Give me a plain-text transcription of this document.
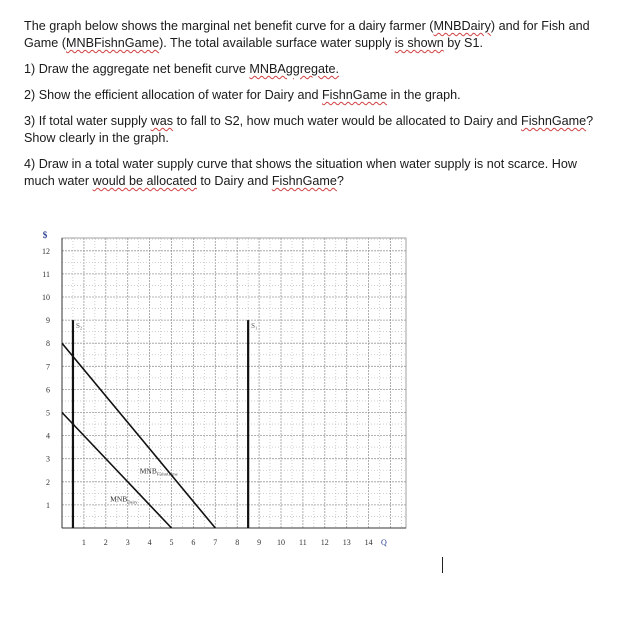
The graph below shows the marginal net benefit curve for a dairy farmer (MNBDairy) and for Fish and Game (MNBFishnGame). The total available surface water supply is shown by S1.

1) Draw the aggregate net benefit curve MNBAggregate.

2) Show the efficient allocation of water for Dairy and FishnGame in the graph.

3) If total water supply was to fall to S2, how much water would be allocated to Dairy and FishnGame? Show clearly in the graph.

4) Draw in a total water supply curve that shows the situation when water supply is not scarce. How much water would be allocated to Dairy and FishnGame?

1 2 3 4 5 6 7 8 9 10 11 12 13 14
1
2
3
4
5
6
7
8
9
10
11
12
Q
$
S₂	S₁
$MNB_{FishnGame}$
$MNB_{Dairy}$
